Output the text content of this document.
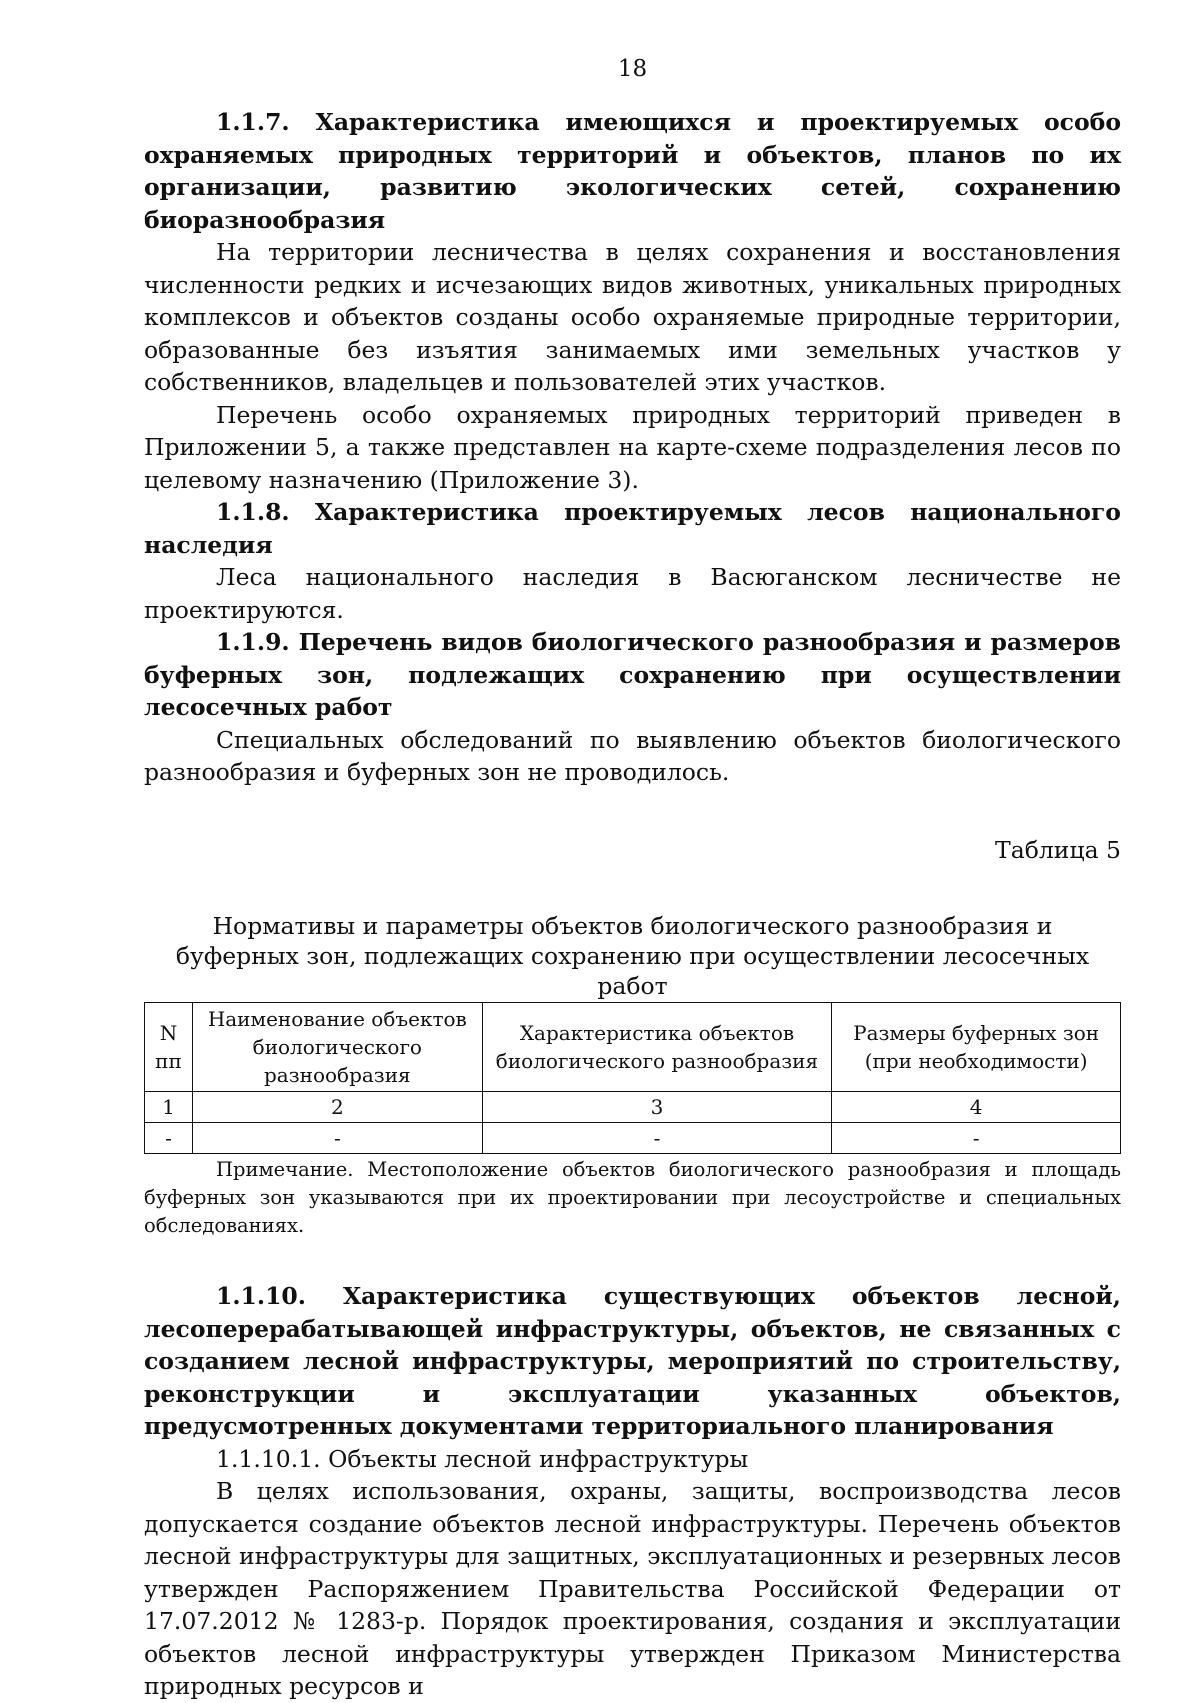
18

1.1.7. Характеристика имеющихся и проектируемых особо охраняемых природных территорий и объектов, планов по их организации, развитию экологических сетей, сохранению биоразнообразия

На территории лесничества в целях сохранения и восстановления численности редких и исчезающих видов животных, уникальных природных комплексов и объектов созданы особо охраняемые природные территории, образованные без изъятия занимаемых ими земельных участков у собственников, владельцев и пользователей этих участков.

Перечень особо охраняемых природных территорий приведен в Приложении 5, а также представлен на карте-схеме подразделения лесов по целевому назначению (Приложение 3).

1.1.8. Характеристика проектируемых лесов национального наследия

Леса национального наследия в Васюганском лесничестве не проектируются.

1.1.9. Перечень видов биологического разнообразия и размеров буферных зон, подлежащих сохранению при осуществлении лесосечных работ

Специальных обследований по выявлению объектов биологического разнообразия и буферных зон не проводилось.

Таблица 5
Нормативы и параметры объектов биологического разнообразия и
буферных зон, подлежащих сохранению при осуществлении лесосечных работ
N пп	Наименование объектов биологического разнообразия	Характеристика объектов биологического разнообразия	Размеры буферных зон (при необходимости)
1	2	3	4
-	-	-	-
Примечание. Местоположение объектов биологического разнообразия и площадь буферных зон указываются при их проектировании при лесоустройстве и специальных обследованиях.

1.1.10. Характеристика существующих объектов лесной, лесоперерабатывающей инфраструктуры, объектов, не связанных с созданием лесной инфраструктуры, мероприятий по строительству, реконструкции и эксплуатации указанных объектов, предусмотренных документами территориального планирования

1.1.10.1. Объекты лесной инфраструктуры

В целях использования, охраны, защиты, воспроизводства лесов допускается создание объектов лесной инфраструктуры. Перечень объектов лесной инфраструктуры для защитных, эксплуатационных и резервных лесов утвержден Распоряжением Правительства Российской Федерации от 17.07.2012 № 1283-р. Порядок проектирования, создания и эксплуатации объектов лесной инфраструктуры утвержден Приказом Министерства природных ресурсов и
